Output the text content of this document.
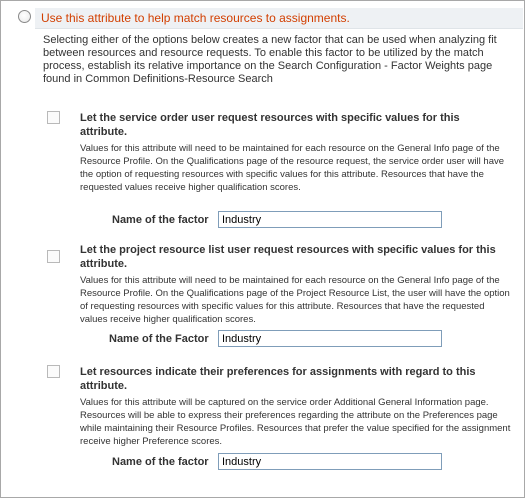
Use this attribute to help match resources to assignments.
Selecting either of the options below creates a new factor that can be used when analyzing fit between resources and resource requests. To enable this factor to be utilized by the match process, establish its relative importance on the Search Configuration - Factor Weights page found in Common Definitions-Resource Search
Let the service order user request resources with specific values for this attribute.
Values for this attribute will need to be maintained for each resource on the General Info page of the Resource Profile. On the Qualifications page of the resource request, the service order user will have the option of requesting resources with specific values for this attribute. Resources that have the requested values receive higher qualification scores.
Name of the factor
Industry
Let the project resource list user request resources with specific values for this attribute.
Values for this attribute will need to be maintained for each resource on the General Info page of the Resource Profile. On the Qualifications page of the Project Resource List, the user will have the option of requesting resources with specific values for this attribute. Resources that have the requested values receive higher qualification scores.
Name of the Factor
Industry
Let resources indicate their preferences for assignments with regard to this attribute.
Values for this attribute will be captured on the service order Additional General Information page. Resources will be able to express their preferences regarding the attribute on the Preferences page while maintaining their Resource Profiles. Resources that prefer the value specified for the assignment receive higher Preference scores.
Name of the factor
Industry
